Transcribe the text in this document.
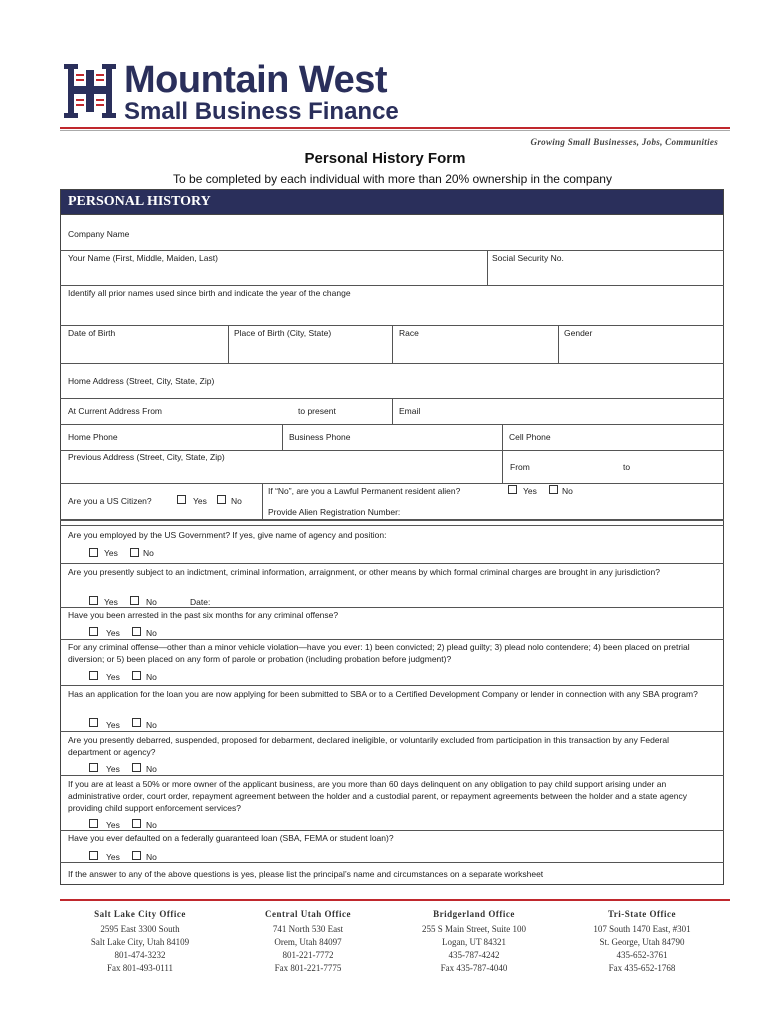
Mountain West
Small Business Finance
Growing Small Businesses, Jobs, Communities
Personal History Form
To be completed by each individual with more than 20% ownership in the company
PERSONAL HISTORY
Company Name
Your Name (First, Middle, Maiden, Last)	Social Security No.
Identify all prior names used since birth and indicate the year of the change
Date of Birth	Place of Birth (City, State)	Race	Gender
Home Address (Street, City, State, Zip)
At Current Address From	to present	Email
Home Phone	Business Phone	Cell Phone
Previous Address (Street, City, State, Zip)
From	to
Are you a US Citizen?	Yes	No
If “No”, are you a Lawful Permanent resident alien?	Yes	No
Provide Alien Registration Number:
Are you employed by the US Government? If yes, give name of agency and position:
Yes	No
Are you presently subject to an indictment, criminal information, arraignment, or other means by which formal criminal charges are brought in any jurisdiction?
Yes	No	Date:
Have you been arrested in the past six months for any criminal offense?
Yes	No
For any criminal offense—other than a minor vehicle violation—have you ever: 1) been convicted; 2) plead guilty; 3) plead nolo contendere; 4) been placed on pretrial diversion; or 5) been placed on any form of parole or probation (including probation before judgment)?
Yes	No
Has an application for the loan you are now applying for been submitted to SBA or to a Certified Development Company or lender in connection with any SBA program?
Yes	No
Are you presently debarred, suspended, proposed for debarment, declared ineligible, or voluntarily excluded from participation in this transaction by any Federal department or agency?
Yes	No
If you are at least a 50% or more owner of the applicant business, are you more than 60 days delinquent on any obligation to pay child support arising under an administrative order, court order, repayment agreement between the holder and a custodial parent, or repayment agreements between the holder and a state agency providing child support enforcement services?
Yes	No
Have you ever defaulted on a federally guaranteed loan (SBA, FEMA or student loan)?
Yes	No
If the answer to any of the above questions is yes, please list the principal’s name and circumstances on a separate worksheet
Salt Lake City Office
2595 East 3300 South
Salt Lake City, Utah 84109
801-474-3232
Fax 801-493-0111
Central Utah Office
741 North 530 East
Orem, Utah 84097
801-221-7772
Fax 801-221-7775
Bridgerland Office
255 S Main Street, Suite 100
Logan, UT 84321
435-787-4242
Fax 435-787-4040
Tri-State Office
107 South 1470 East, #301
St. George, Utah 84790
435-652-3761
Fax 435-652-1768
